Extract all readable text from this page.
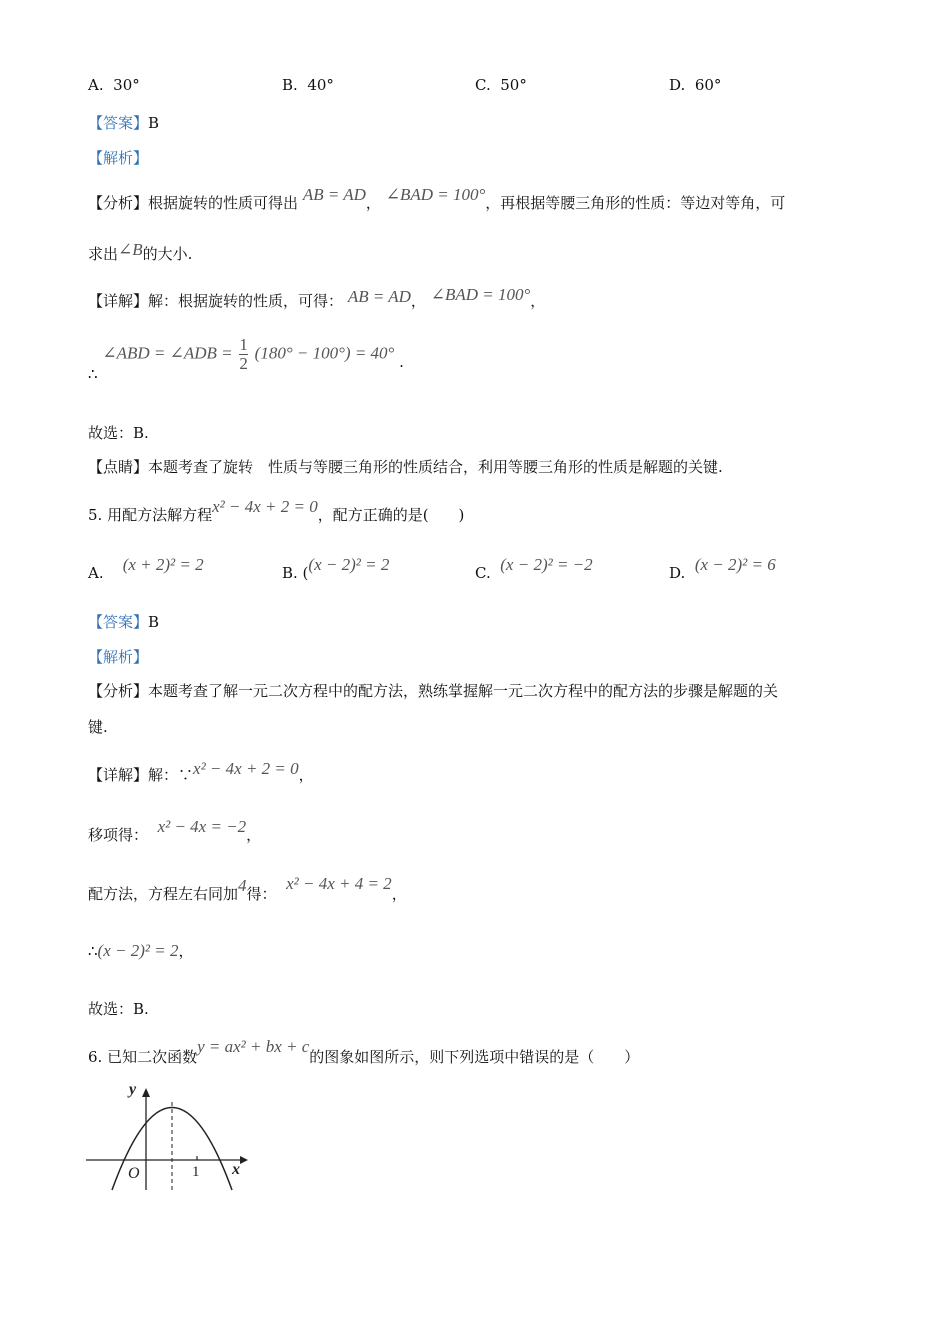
A. 30°	B. 40°	C. 50°	D. 60°
【答案】B
【解析】
【分析】根据旋转的性质可得出 AB = AD， ∠BAD = 100°，再根据等腰三角形的性质：等边对等角，可
求出∠B的大小.
【详解】解：根据旋转的性质，可得： AB = AD， ∠BAD = 100°，
∴ ∠ABD = ∠ADB = $\frac{1}{2} (180^\circ - 100^\circ) = 40^\circ$ .
故选：B.
【点睛】本题考查了旋转　性质与等腰三角形的性质结合，利用等腰三角形的性质是解题的关键.
5. 用配方法解方程x² − 4x + 2 = 0，配方正确的是(　　)
A. (x + 2)² = 2	B. ((x − 2)² = 2	C. (x − 2)² = −2	D. (x − 2)² = 6
【答案】B
【解析】
【分析】本题考查了解一元二次方程中的配方法，熟练掌握解一元二次方程中的配方法的步骤是解题的关
键.
【详解】解：∵x² − 4x + 2 = 0，
移项得： x² − 4x = −2，
配方法，方程左右同加4得：  x² − 4x + 4 = 2，
∴(x − 2)² = 2，
故选：B.
6. 已知二次函数y = ax² + bx + c的图象如图所示，则下列选项中错误的是（　　）
y
x
O	1
